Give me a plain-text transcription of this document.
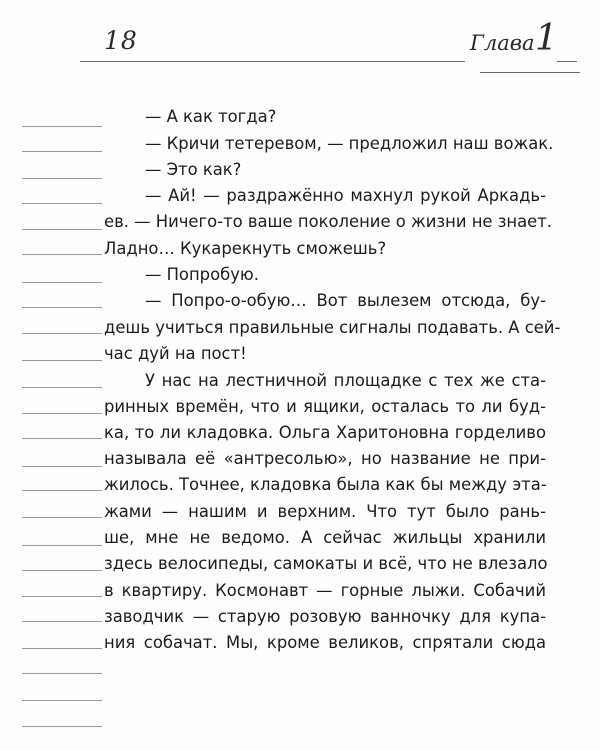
18	Глава 1
— А как тогда?
— Кричи тетеревом, — предложил наш вожак.
— Это как?
— Ай! — раздражённо махнул рукой Аркадь-
ев. — Ничего-то ваше поколение о жизни не знает.
Ладно… Кукарекнуть сможешь?
— Попробую.
— Попро-о-обую… Вот вылезем отсюда, бу-
дешь учиться правильные сигналы подавать. А сей-
час дуй на пост!
У нас на лестничной площадке с тех же ста-
ринных времён, что и ящики, осталась то ли буд-
ка, то ли кладовка. Ольга Харитоновна горделиво
называла её «антресолью», но название не при-
жилось. Точнее, кладовка была как бы между эта-
жами — нашим и верхним. Что тут было рань-
ше, мне не ведомо. А сейчас жильцы хранили
здесь велосипеды, самокаты и всё, что не влезало
в квартиру. Космонавт — горные лыжи. Собачий
заводчик — старую розовую ванночку для купа-
ния собачат. Мы, кроме великов, спрятали сюда
